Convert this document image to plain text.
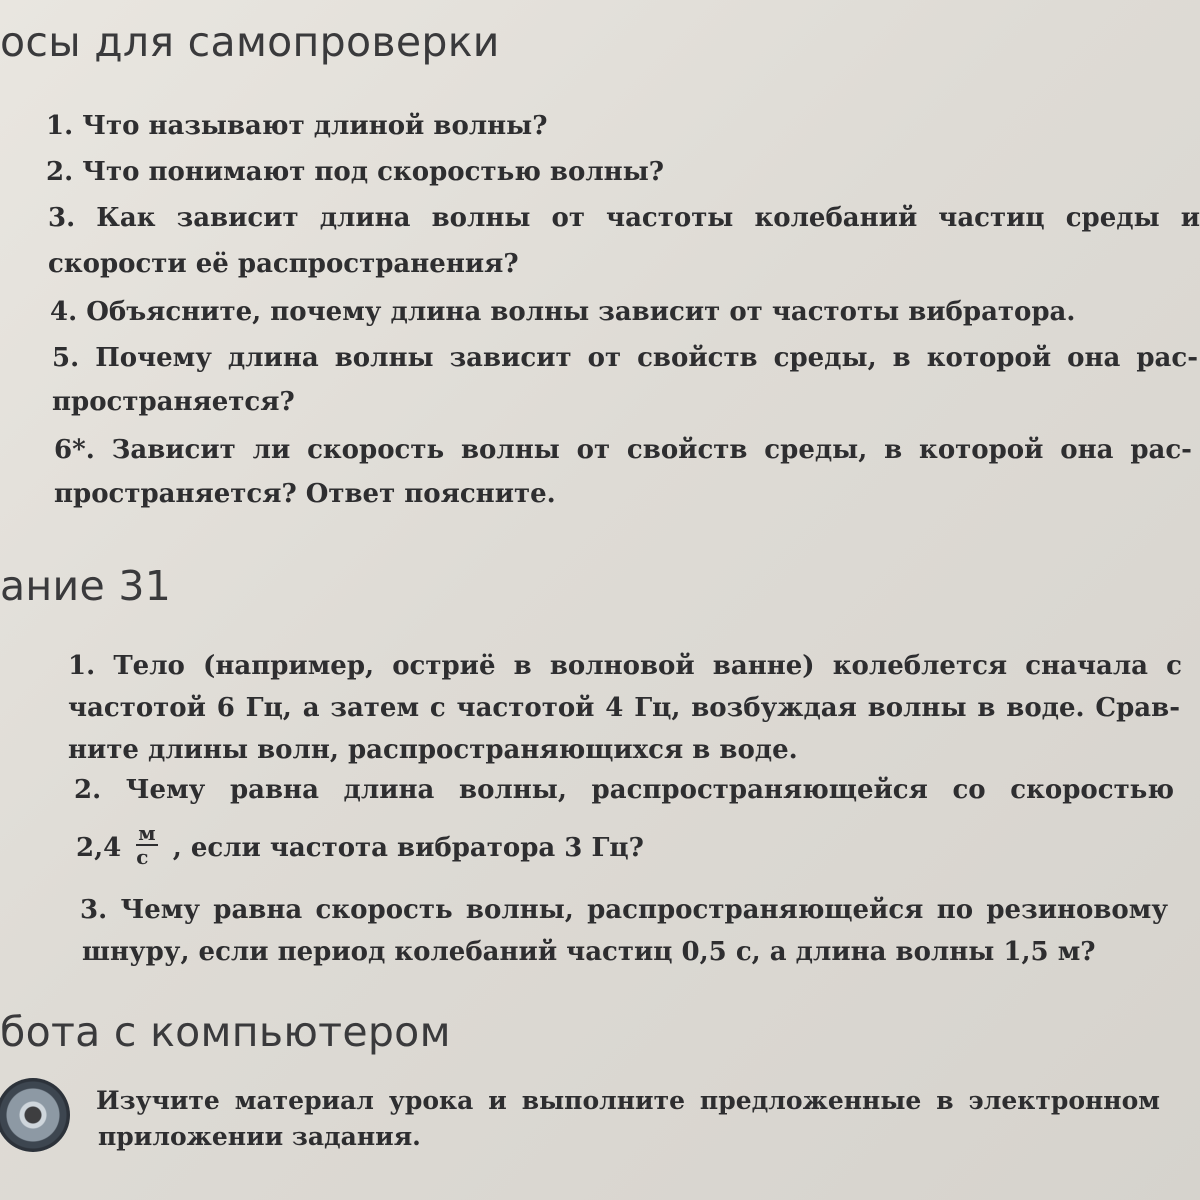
осы для самопроверки

1. Что называют длиной волны?

2. Что понимают под скоростью волны?

3. Как зависит длина волны от частоты колебаний частиц среды и

скорости её распространения?

4. Объясните, почему длина волны зависит от частоты вибратора.

5. Почему длина волны зависит от свойств среды, в которой она рас-

пространяется?

6*. Зависит ли скорость волны от свойств среды, в которой она рас-

пространяется? Ответ поясните.

ание 31

1. Тело (например, остриё в волновой ванне) колеблется сначала с

частотой 6 Гц, а затем с частотой 4 Гц, возбуждая волны в воде. Срав-

ните длины волн, распространяющихся в воде.

2. Чему равна длина волны, распространяющейся со скоростью

$2,4 \frac{м}{с}$ , если частота вибратора 3 Гц?

3. Чему равна скорость волны, распространяющейся по резиновому

шнуру, если период колебаний частиц 0,5 с, а длина волны 1,5 м?

бота с компьютером

Изучите материал урока и выполните предложенные в электронном

приложении задания.
